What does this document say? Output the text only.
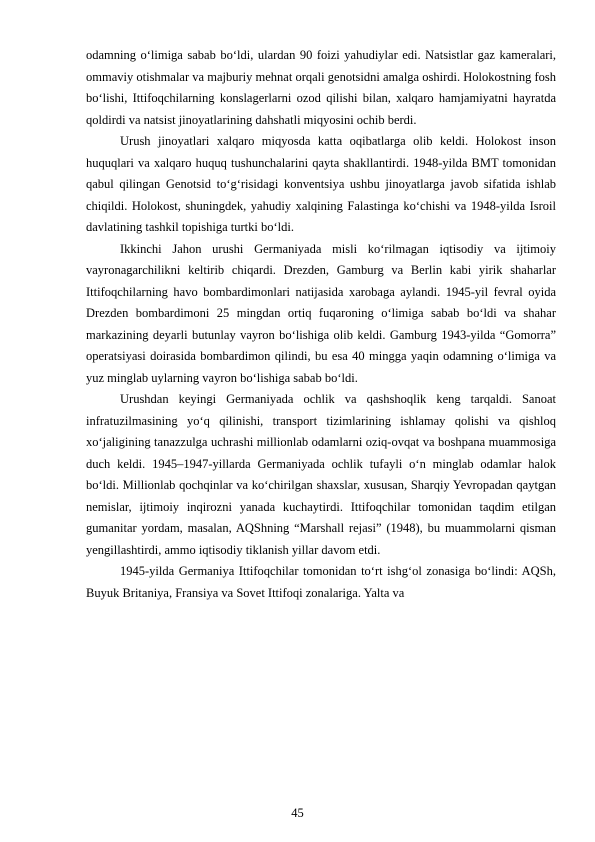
odamning o‘limiga sabab bo‘ldi, ulardan 90 foizi yahudiylar edi. Natsistlar gaz kameralari, ommaviy otishmalar va majburiy mehnat orqali genotsidni amalga oshirdi. Holokostning fosh bo‘lishi, Ittifoqchilarning konslagerlarni ozod qilishi bilan, xalqaro hamjamiyatni hayratda qoldirdi va natsist jinoyatlarining dahshatli miqyosini ochib berdi.

Urush jinoyatlari xalqaro miqyosda katta oqibatlarga olib keldi. Holokost inson huquqlari va xalqaro huquq tushunchalarini qayta shakllantirdi. 1948-yilda BMT tomonidan qabul qilingan Genotsid to‘g‘risidagi konventsiya ushbu jinoyatlarga javob sifatida ishlab chiqildi. Holokost, shuningdek, yahudiy xalqining Falastinga ko‘chishi va 1948-yilda Isroil davlatining tashkil topishiga turtki bo‘ldi.

Ikkinchi Jahon urushi Germaniyada misli ko‘rilmagan iqtisodiy va ijtimoiy vayronagarchilikni keltirib chiqardi. Drezden, Gamburg va Berlin kabi yirik shaharlar Ittifoqchilarning havo bombardimonlari natijasida xarobaga aylandi. 1945-yil fevral oyida Drezden bombardimoni 25 mingdan ortiq fuqaroning o‘limiga sabab bo‘ldi va shahar markazining deyarli butunlay vayron bo‘lishiga olib keldi. Gamburg 1943-yilda “Gomorra” operatsiyasi doirasida bombardimon qilindi, bu esa 40 mingga yaqin odamning o‘limiga va yuz minglab uylarning vayron bo‘lishiga sabab bo‘ldi.

Urushdan keyingi Germaniyada ochlik va qashshoqlik keng tarqaldi. Sanoat infratuzilmasining yo‘q qilinishi, transport tizimlarining ishlamay qolishi va qishloq xo‘jaligining tanazzulga uchrashi millionlab odamlarni oziq-ovqat va boshpana muammosiga duch keldi. 1945–1947-yillarda Germaniyada ochlik tufayli o‘n minglab odamlar halok bo‘ldi. Millionlab qochqinlar va ko‘chirilgan shaxslar, xususan, Sharqiy Yevropadan qaytgan nemislar, ijtimoiy inqirozni yanada kuchaytirdi. Ittifoqchilar tomonidan taqdim etilgan gumanitar yordam, masalan, AQShning “Marshall rejasi” (1948), bu muammolarni qisman yengillashtirdi, ammo iqtisodiy tiklanish yillar davom etdi.

1945-yilda Germaniya Ittifoqchilar tomonidan to‘rt ishg‘ol zonasiga bo‘lindi: AQSh, Buyuk Britaniya, Fransiya va Sovet Ittifoqi zonalariga. Yalta va

45
